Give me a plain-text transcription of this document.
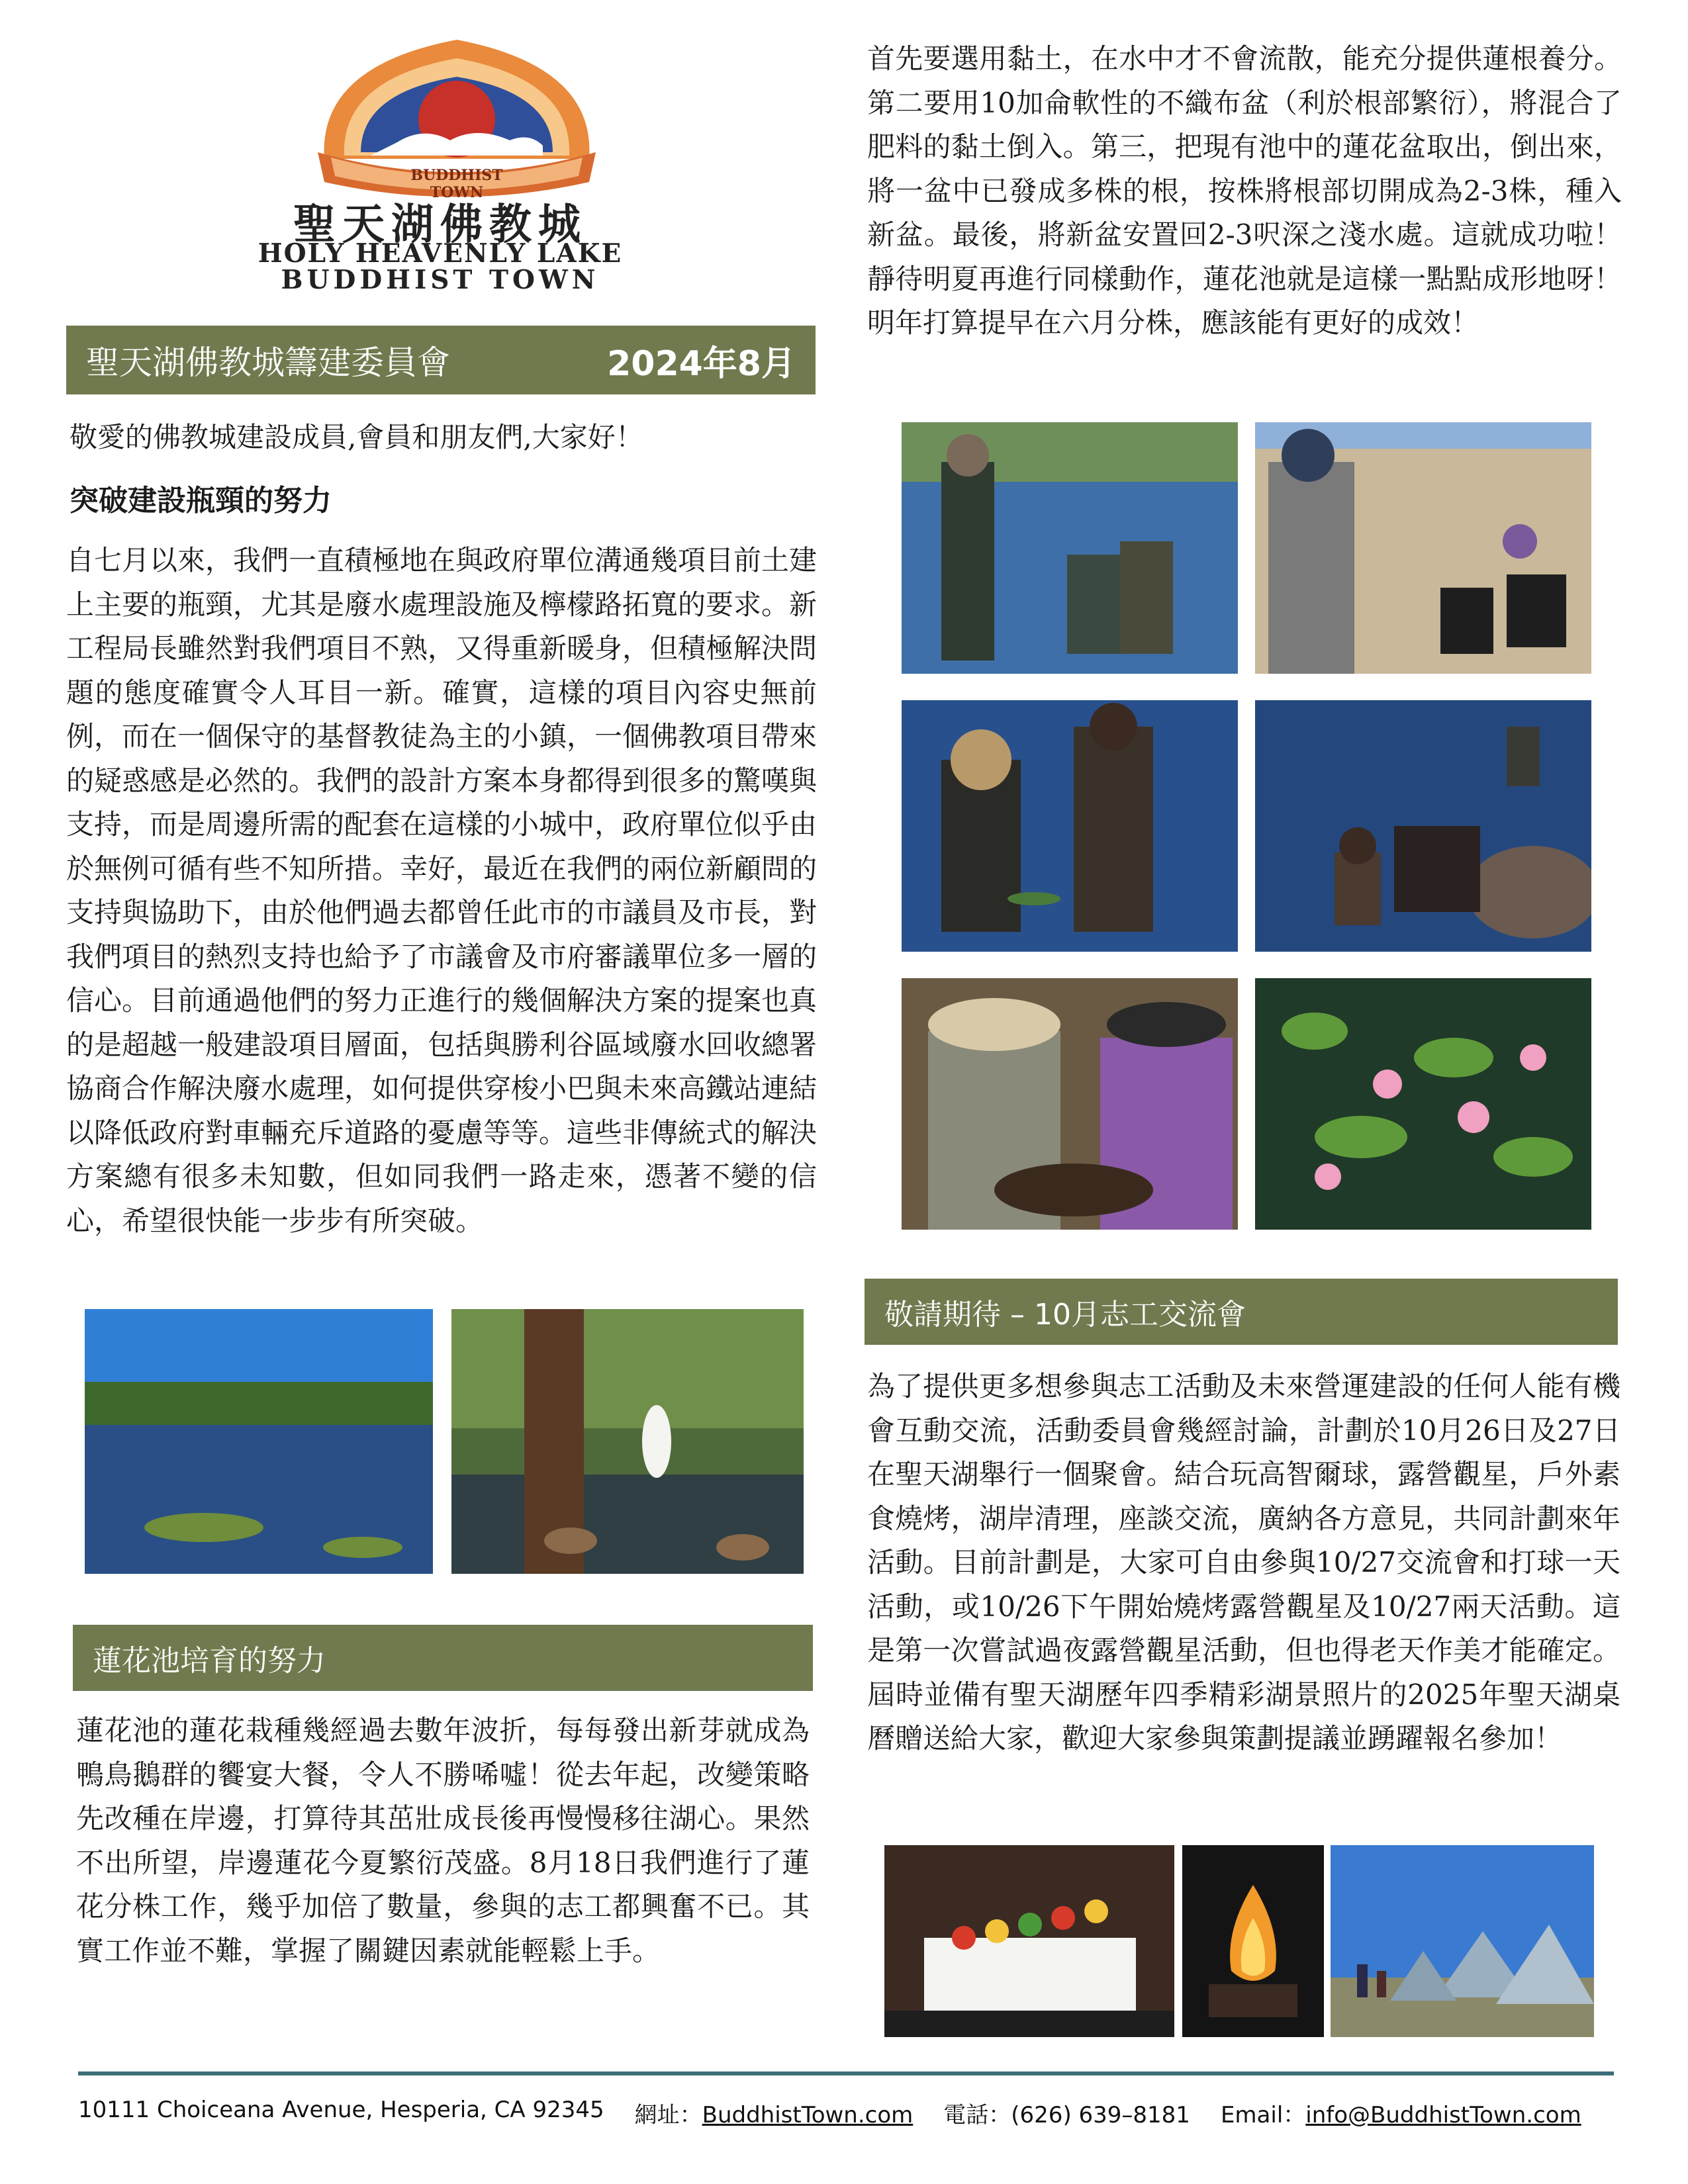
BUDDHIST TOWN
聖天湖佛教城
HOLY HEAVENLY LAKE
BUDDHIST TOWN
聖天湖佛教城籌建委員會	2024年8月
敬愛的佛教城建設成員,會員和朋友們,大家好！
突破建設瓶頸的努力

自七月以來，我們一直積極地在與政府單位溝通幾項目前土建上主要的瓶頸，尤其是廢水處理設施及檸檬路拓寬的要求。新工程局長雖然對我們項目不熟，又得重新暖身，但積極解決問題的態度確實令人耳目一新。確實，這樣的項目內容史無前例，而在一個保守的基督教徒為主的小鎮，一個佛教項目帶來的疑惑感是必然的。我們的設計方案本身都得到很多的驚嘆與支持，而是周邊所需的配套在這樣的小城中，政府單位似乎由於無例可循有些不知所措。幸好，最近在我們的兩位新顧問的支持與協助下，由於他們過去都曾任此市的市議員及市長，對我們項目的熱烈支持也給予了市議會及市府審議單位多一層的信心。目前通過他們的努力正進行的幾個解決方案的提案也真的是超越一般建設項目層面，包括與勝利谷區域廢水回收總署協商合作解決廢水處理，如何提供穿梭小巴與未來高鐵站連結以降低政府對車輛充斥道路的憂慮等等。這些非傳統式的解決方案總有很多未知數，但如同我們一路走來，憑著不變的信心，希望很快能一步步有所突破。

蓮花池培育的努力

蓮花池的蓮花栽種幾經過去數年波折，每每發出新芽就成為鴨鳥鵝群的饗宴大餐，令人不勝唏噓！從去年起，改變策略先改種在岸邊，打算待其茁壯成長後再慢慢移往湖心。果然不出所望，岸邊蓮花今夏繁衍茂盛。8月18日我們進行了蓮花分株工作，幾乎加倍了數量，參與的志工都興奮不已。其實工作並不難，掌握了關鍵因素就能輕鬆上手。

首先要選用黏土，在水中才不會流散，能充分提供蓮根養分。第二要用10加侖軟性的不織布盆（利於根部繁衍），將混合了肥料的黏土倒入。第三，把現有池中的蓮花盆取出，倒出來，將一盆中已發成多株的根，按株將根部切開成為2-3株，種入新盆。最後，將新盆安置回2-3呎深之淺水處。這就成功啦！靜待明夏再進行同樣動作，蓮花池就是這樣一點點成形地呀！明年打算提早在六月分株，應該能有更好的成效！

敬請期待 – 10月志工交流會

為了提供更多想參與志工活動及未來營運建設的任何人能有機會互動交流，活動委員會幾經討論，計劃於10月26日及27日在聖天湖舉行一個聚會。結合玩高智爾球，露營觀星，戶外素食燒烤，湖岸清理，座談交流，廣納各方意見，共同計劃來年活動。目前計劃是，大家可自由參與10/27交流會和打球一天活動，或10/26下午開始燒烤露營觀星及10/27兩天活動。這是第一次嘗試過夜露營觀星活動，但也得老天作美才能確定。屆時並備有聖天湖歷年四季精彩湖景照片的2025年聖天湖桌曆贈送給大家，歡迎大家參與策劃提議並踴躍報名參加！

10111 Choiceana Avenue, Hesperia, CA 92345 網址：BuddhistTown.com 電話：(626) 639–8181 Email：info@BuddhistTown.com
